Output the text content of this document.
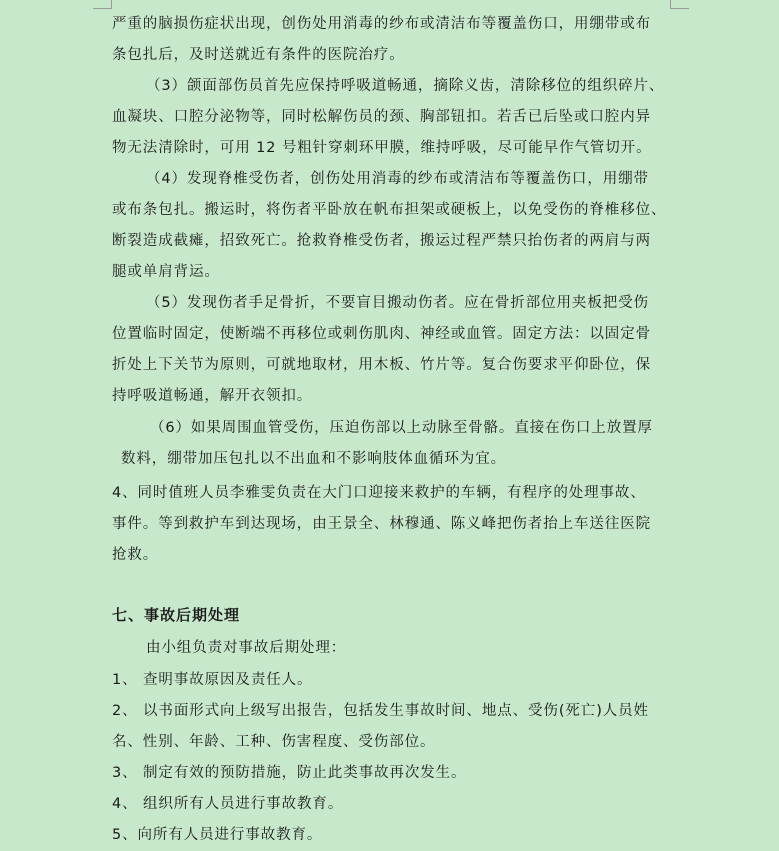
严重的脑损伤症状出现，创伤处用消毒的纱布或清洁布等覆盖伤口，用绷带或布
条包扎后，及时送就近有条件的医院治疗。
（3）颌面部伤员首先应保持呼吸道畅通，摘除义齿，清除移位的组织碎片、
血凝块、口腔分泌物等，同时松解伤员的颈、胸部钮扣。若舌已后坠或口腔内异
物无法清除时，可用 12 号粗针穿刺环甲膜，维持呼吸，尽可能早作气管切开。
（4）发现脊椎受伤者，创伤处用消毒的纱布或清洁布等覆盖伤口，用绷带
或布条包扎。搬运时，将伤者平卧放在帆布担架或硬板上，以免受伤的脊椎移位、
断裂造成截瘫，招致死亡。抢救脊椎受伤者，搬运过程严禁只抬伤者的两肩与两
腿或单肩背运。
（5）发现伤者手足骨折，不要盲目搬动伤者。应在骨折部位用夹板把受伤
位置临时固定，使断端不再移位或刺伤肌肉、神经或血管。固定方法：以固定骨
折处上下关节为原则，可就地取材，用木板、竹片等。复合伤要求平仰卧位，保
持呼吸道畅通，解开衣领扣。
（6）如果周围血管受伤，压迫伤部以上动脉至骨骼。直接在伤口上放置厚
数料，绷带加压包扎以不出血和不影响肢体血循环为宜。
4、同时值班人员李雅雯负责在大门口迎接来救护的车辆，有程序的处理事故、
事件。等到救护车到达现场，由王景全、林穆通、陈义峰把伤者抬上车送往医院
抢救。
七、事故后期处理
由小组负责对事故后期处理：
1、 查明事故原因及责任人。
2、 以书面形式向上级写出报告，包括发生事故时间、地点、受伤(死亡)人员姓
名、性别、年龄、工种、伤害程度、受伤部位。
3、 制定有效的预防措施，防止此类事故再次发生。
4、 组织所有人员进行事故教育。
5、向所有人员进行事故教育。
